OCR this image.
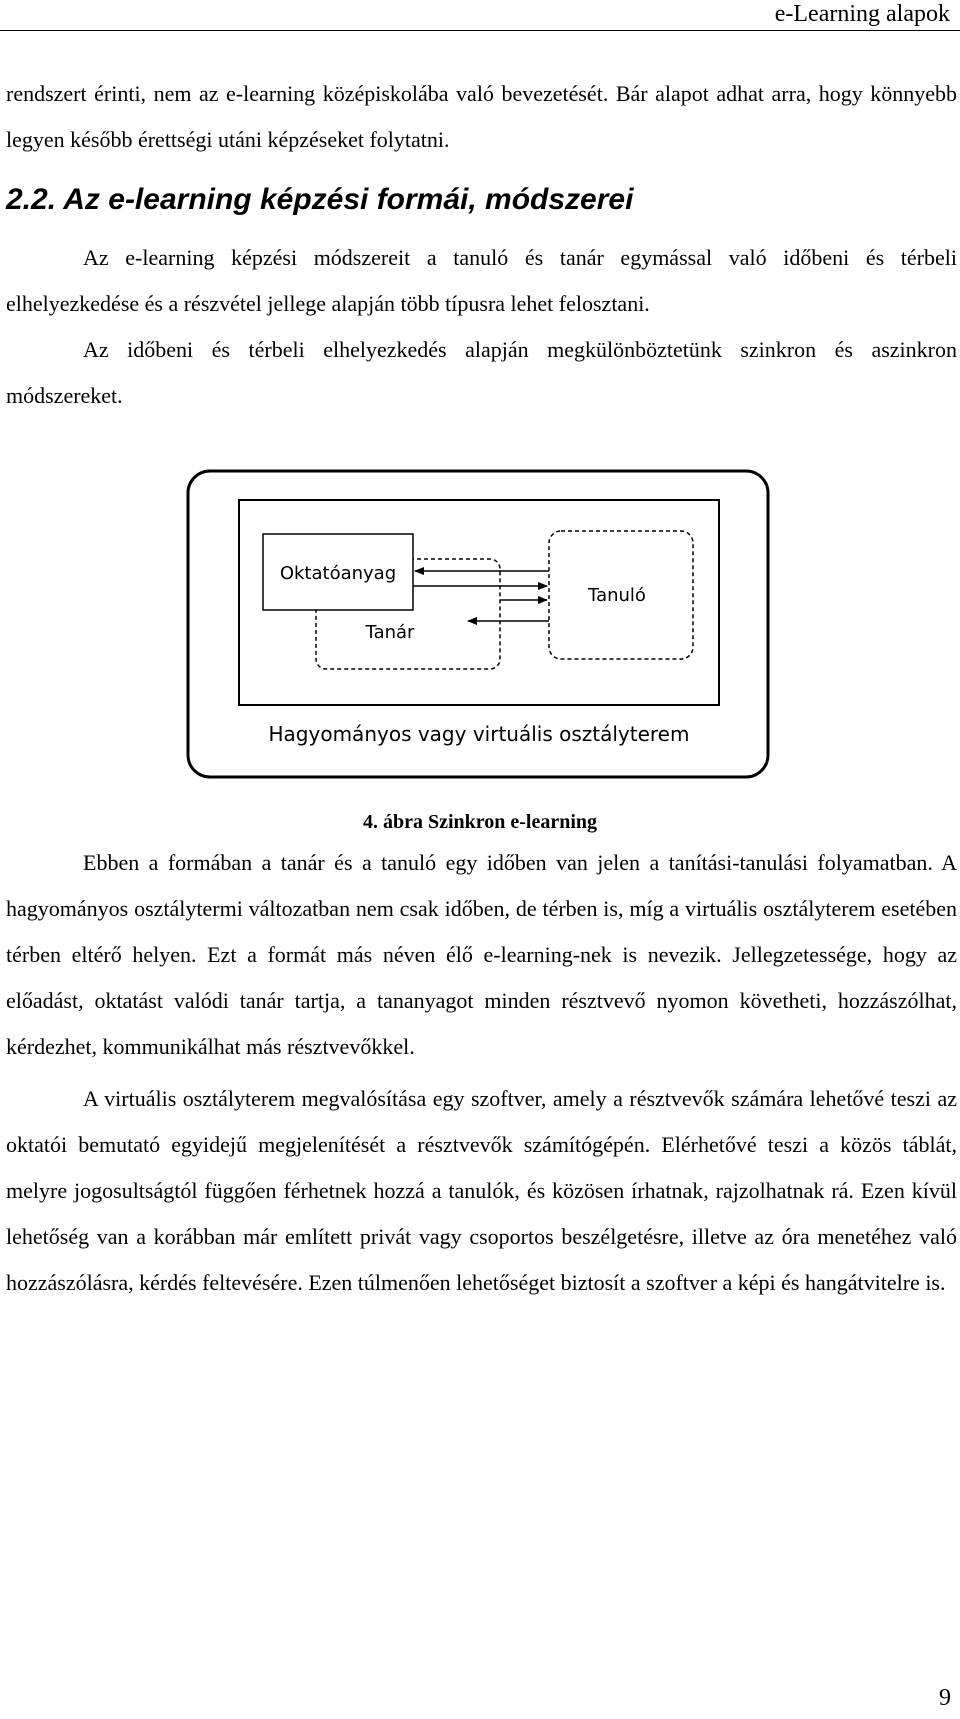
e-Learning alapok

rendszert érinti, nem az e-learning középiskolába való bevezetését. Bár alapot adhat arra, hogy könnyebb legyen később érettségi utáni képzéseket folytatni.

2.2. Az e-learning képzési formái, módszerei

Az e-learning képzési módszereit a tanuló és tanár egymással való időbeni és térbeli elhelyezkedése és a részvétel jellege alapján több típusra lehet felosztani.

Az időbeni és térbeli elhelyezkedés alapján megkülönböztetünk szinkron és aszinkron módszereket.

Oktatóanyag
Tanár
Tanuló
Hagyományos vagy virtuális osztályterem
4. ábra Szinkron e-learning

Ebben a formában a tanár és a tanuló egy időben van jelen a tanítási-tanulási folyamatban. A hagyományos osztálytermi változatban nem csak időben, de térben is, míg a virtuális osztályterem esetében térben eltérő helyen. Ezt a formát más néven élő e-learning-nek is nevezik. Jellegzetessége, hogy az előadást, oktatást valódi tanár tartja, a tananyagot minden résztvevő nyomon követheti, hozzászólhat, kérdezhet, kommunikálhat más résztvevőkkel.

A virtuális osztályterem megvalósítása egy szoftver, amely a résztvevők számára lehetővé teszi az oktatói bemutató egyidejű megjelenítését a résztvevők számítógépén. Elérhetővé teszi a közös táblát, melyre jogosultságtól függően férhetnek hozzá a tanulók, és közösen írhatnak, rajzolhatnak rá. Ezen kívül lehetőség van a korábban már említett privát vagy csoportos beszélgetésre, illetve az óra menetéhez való hozzászólásra, kérdés feltevésére. Ezen túlmenően lehetőséget biztosít a szoftver a képi és hangátvitelre is.

9
